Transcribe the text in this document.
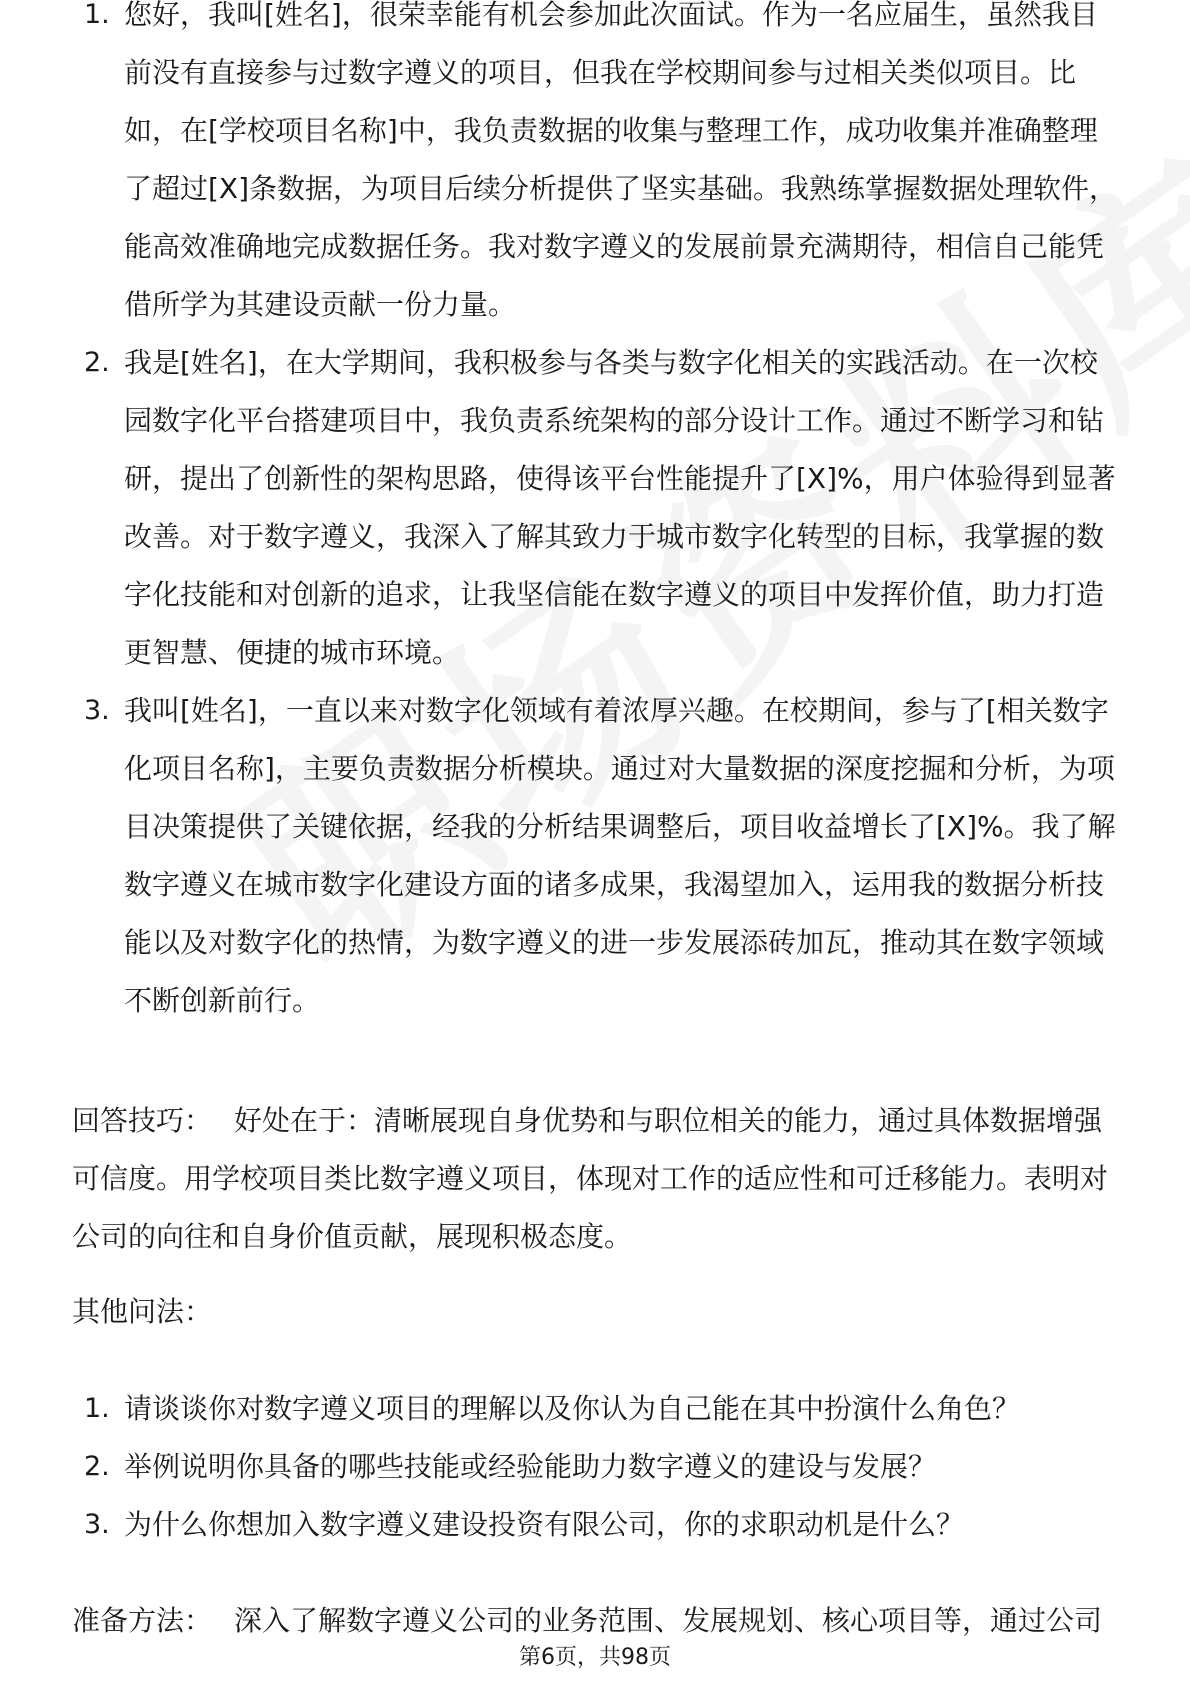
1. 您好，我叫[姓名]，很荣幸能有机会参加此次面试。作为一名应届生，虽然我目前没有直接参与过数字遵义的项目，但我在学校期间参与过相关类似项目。比如，在[学校项目名称]中，我负责数据的收集与整理工作，成功收集并准确整理了超过[X]条数据，为项目后续分析提供了坚实基础。我熟练掌握数据处理软件，能高效准确地完成数据任务。我对数字遵义的发展前景充满期待，相信自己能凭借所学为其建设贡献一份力量。
2. 我是[姓名]，在大学期间，我积极参与各类与数字化相关的实践活动。在一次校园数字化平台搭建项目中，我负责系统架构的部分设计工作。通过不断学习和钻研，提出了创新性的架构思路，使得该平台性能提升了[X]%，用户体验得到显著改善。对于数字遵义，我深入了解其致力于城市数字化转型的目标，我掌握的数字化技能和对创新的追求，让我坚信能在数字遵义的项目中发挥价值，助力打造更智慧、便捷的城市环境。
3. 我叫[姓名]，一直以来对数字化领域有着浓厚兴趣。在校期间，参与了[相关数字化项目名称]，主要负责数据分析模块。通过对大量数据的深度挖掘和分析，为项目决策提供了关键依据，经我的分析结果调整后，项目收益增长了[X]%。我了解数字遵义在城市数字化建设方面的诸多成果，我渴望加入，运用我的数据分析技能以及对数字化的热情，为数字遵义的进一步发展添砖加瓦，推动其在数字领域不断创新前行。

回答技巧： 好处在于：清晰展现自身优势和与职位相关的能力，通过具体数据增强可信度。用学校项目类比数字遵义项目，体现对工作的适应性和可迁移能力。表明对公司的向往和自身价值贡献，展现积极态度。

其他问法：

1. 请谈谈你对数字遵义项目的理解以及你认为自己能在其中扮演什么角色？
2. 举例说明你具备的哪些技能或经验能助力数字遵义的建设与发展？
3. 为什么你想加入数字遵义建设投资有限公司，你的求职动机是什么？

准备方法： 深入了解数字遵义公司的业务范围、发展规划、核心项目等，通过公司

第6页，共98页
